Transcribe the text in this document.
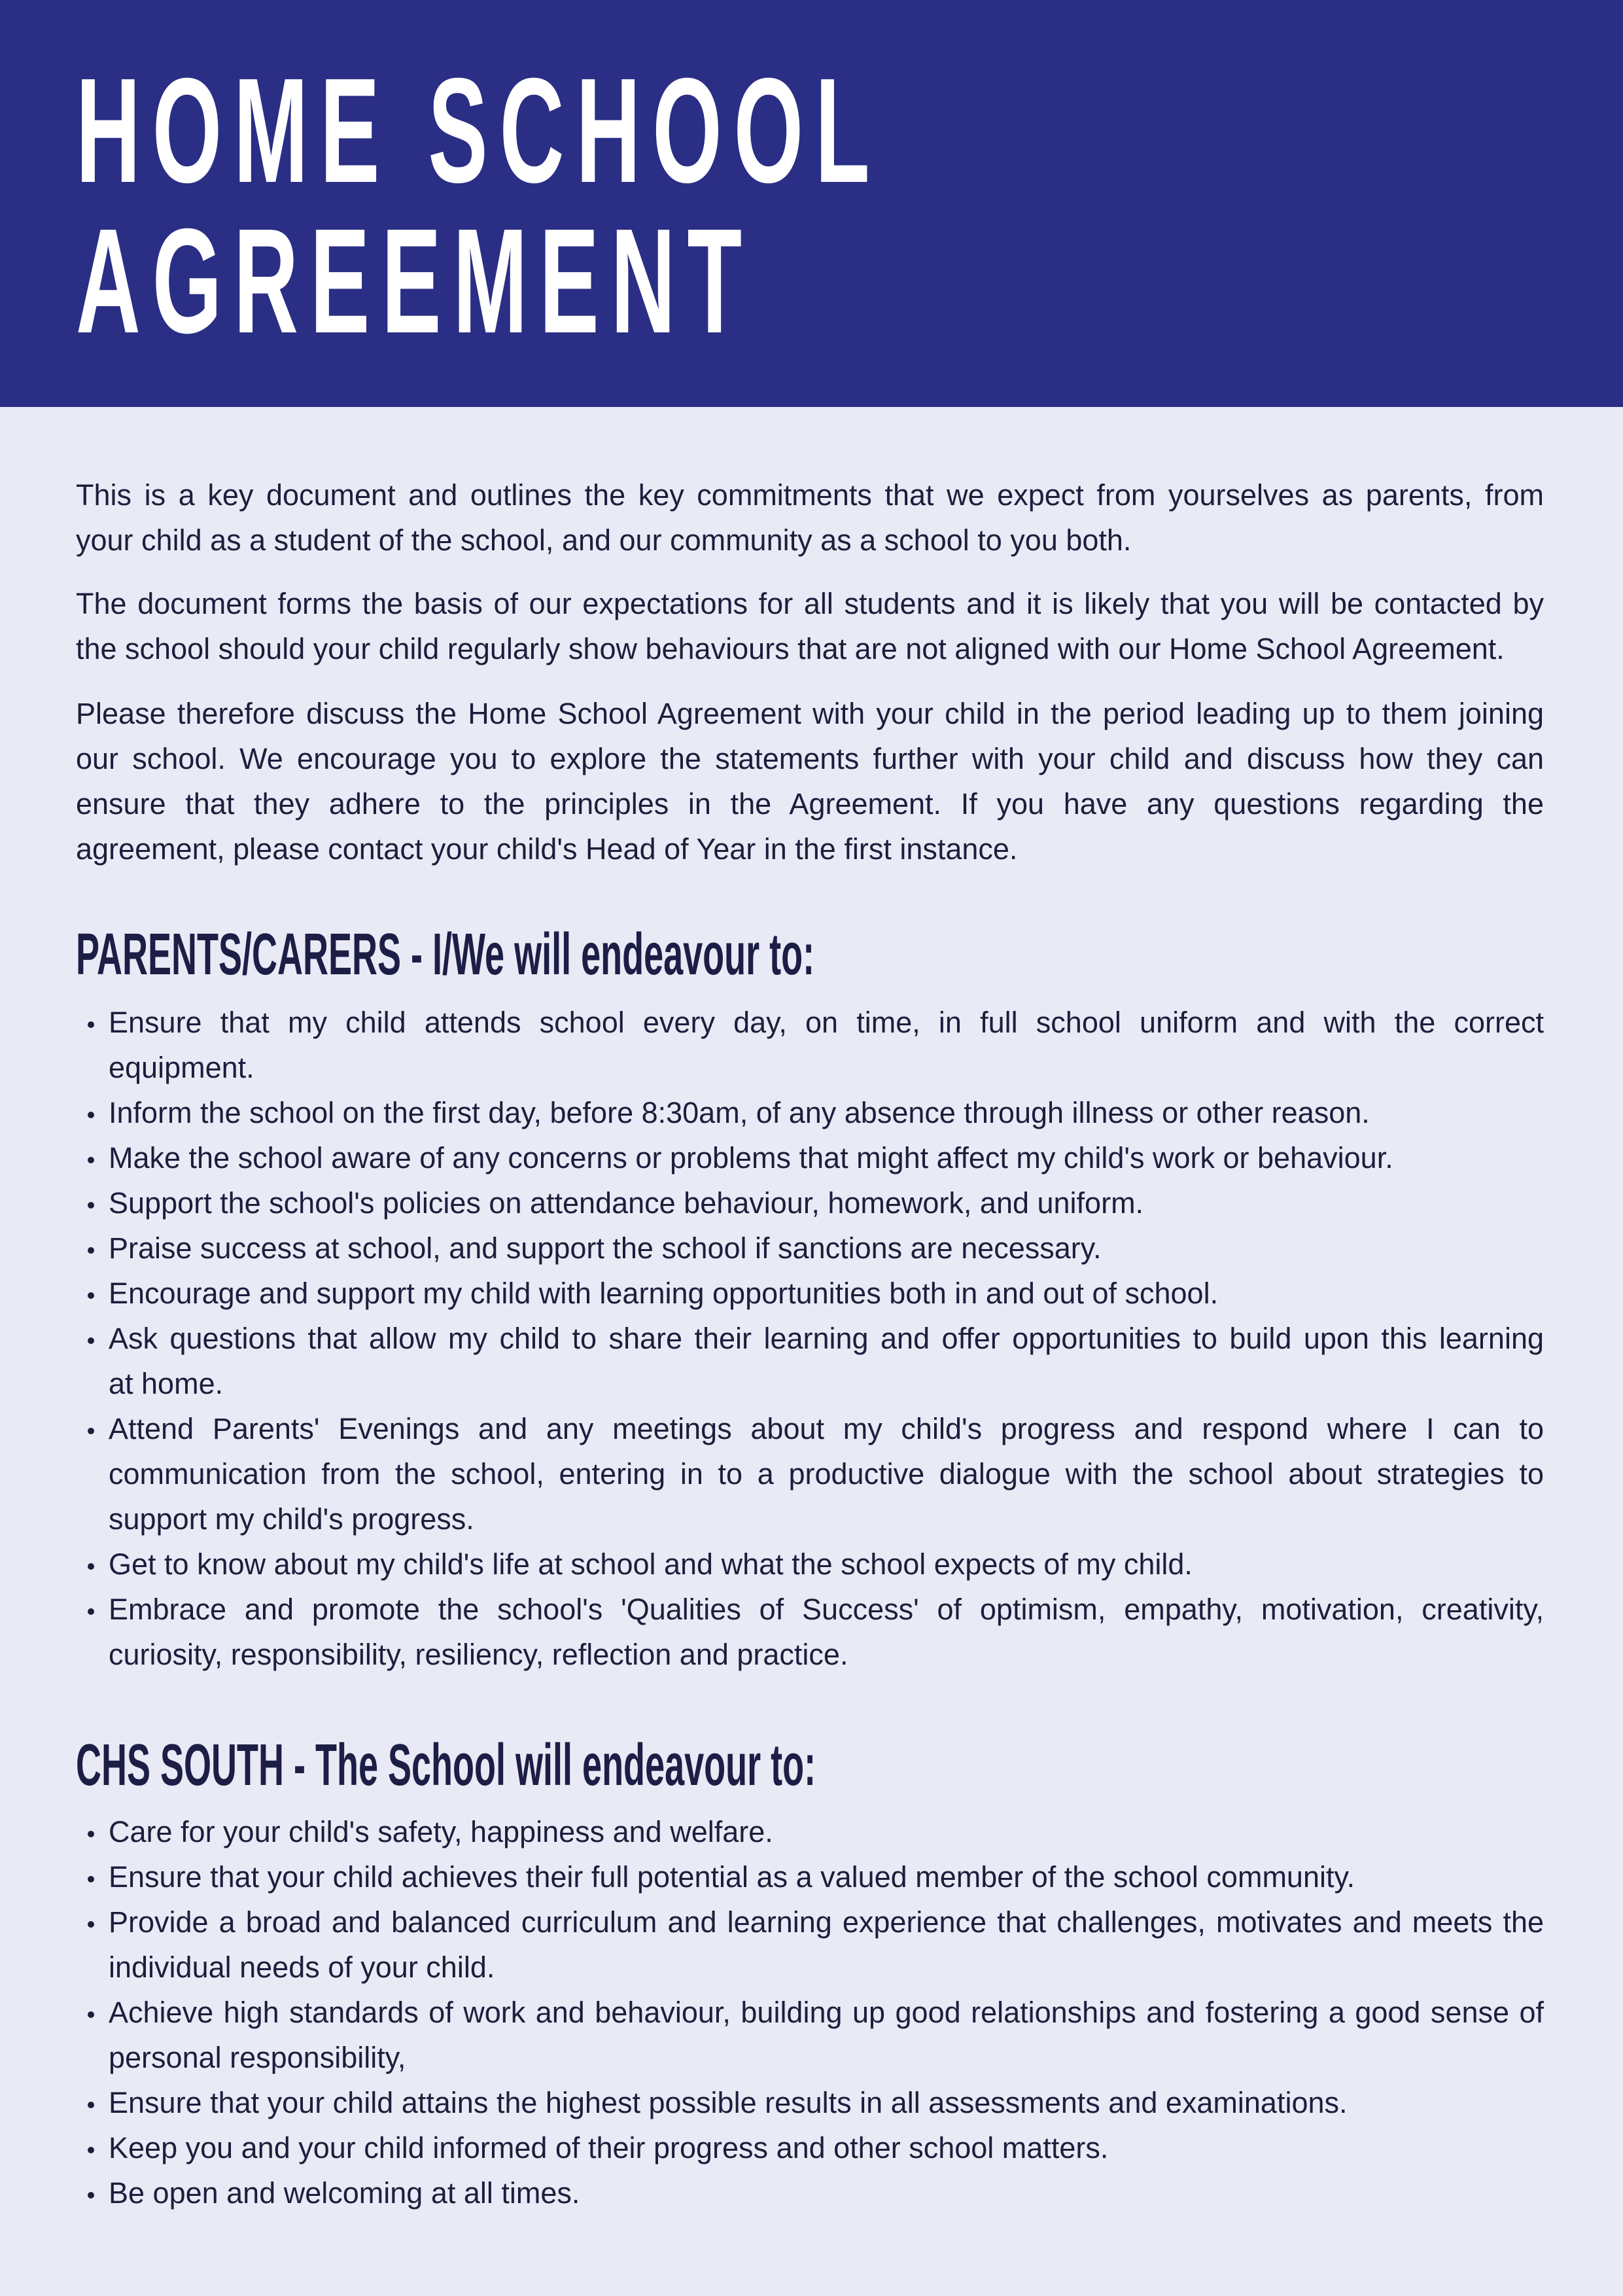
HOME SCHOOL
AGREEMENT

This is a key document and outlines the key commitments that we expect from yourselves as parents, from
your child as a student of the school, and our community as a school to you both.

The document forms the basis of our expectations for all students and it is likely that you will be contacted by
the school should your child regularly show behaviours that are not aligned with our Home School Agreement.

Please therefore discuss the Home School Agreement with your child in the period leading up to them joining
our school. We encourage you to explore the statements further with your child and discuss how they can
ensure that they adhere to the principles in the Agreement. If you have any questions regarding the
agreement, please contact your child's Head of Year in the first instance.

PARENTS/CARERS - I/We will endeavour to:
Ensure that my child attends school every day, on time, in full school uniform and with the correct
equipment.
Inform the school on the first day, before 8:30am, of any absence through illness or other reason.
Make the school aware of any concerns or problems that might affect my child's work or behaviour.
Support the school's policies on attendance behaviour, homework, and uniform.
Praise success at school, and support the school if sanctions are necessary.
Encourage and support my child with learning opportunities both in and out of school.
Ask questions that allow my child to share their learning and offer opportunities to build upon this learning
at home.
Attend Parents' Evenings and any meetings about my child's progress and respond where I can to
communication from the school, entering in to a productive dialogue with the school about strategies to
support my child's progress.
Get to know about my child's life at school and what the school expects of my child.
Embrace and promote the school's 'Qualities of Success' of optimism, empathy, motivation, creativity,
curiosity, responsibility, resiliency, reflection and practice.
CHS SOUTH - The School will endeavour to:
Care for your child's safety, happiness and welfare.
Ensure that your child achieves their full potential as a valued member of the school community.
Provide a broad and balanced curriculum and learning experience that challenges, motivates and meets the
individual needs of your child.
Achieve high standards of work and behaviour, building up good relationships and fostering a good sense of
personal responsibility,
Ensure that your child attains the highest possible results in all assessments and examinations.
Keep you and your child informed of their progress and other school matters.
Be open and welcoming at all times.
